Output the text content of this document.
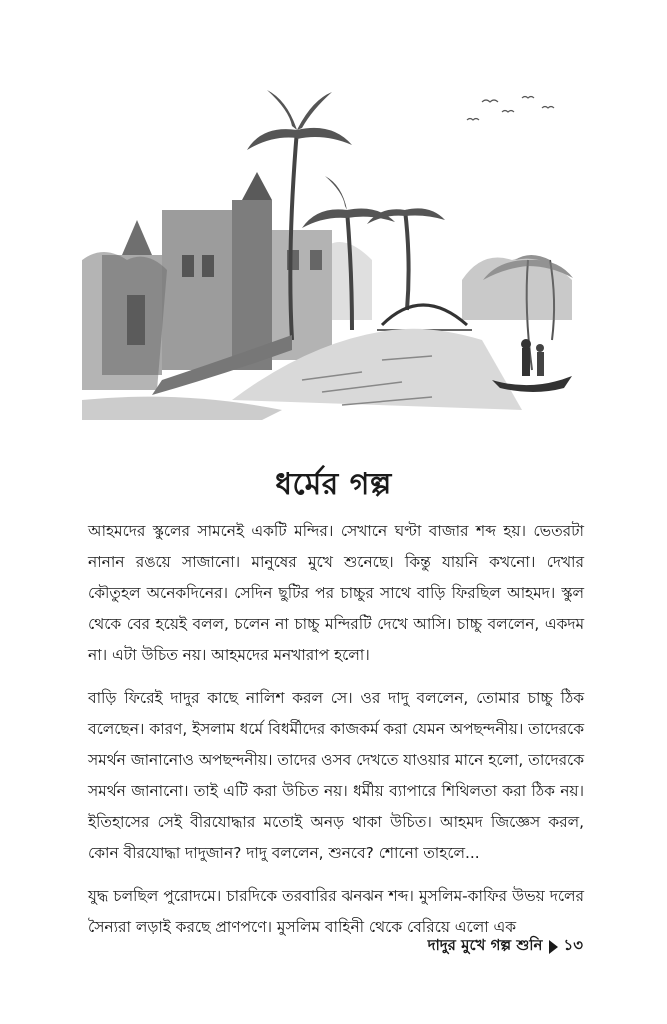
ধর্মের গল্প

আহমদের স্কুলের সামনেই একটি মন্দির। সেখানে ঘণ্টা বাজার শব্দ হয়। ভেতরটা নানান রঙয়ে সাজানো। মানুষের মুখে শুনেছে। কিন্তু যায়নি কখনো। দেখার কৌতুহল অনেকদিনের। সেদিন ছুটির পর চাচ্চুর সাথে বাড়ি ফিরছিল আহমদ। স্কুল থেকে বের হয়েই বলল, চলেন না চাচ্চু মন্দিরটি দেখে আসি। চাচ্চু বললেন, একদম না। এটা উচিত নয়। আহমদের মনখারাপ হলো।

বাড়ি ফিরেই দাদুর কাছে নালিশ করল সে। ওর দাদু বললেন, তোমার চাচ্চু ঠিক বলেছেন। কারণ, ইসলাম ধর্মে বিধর্মীদের কাজকর্ম করা যেমন অপছন্দনীয়। তাদেরকে সমর্থন জানানোও অপছন্দনীয়। তাদের ওসব দেখতে যাওয়ার মানে হলো, তাদেরকে সমর্থন জানানো। তাই এটি করা উচিত নয়। ধর্মীয় ব্যাপারে শিথিলতা করা ঠিক নয়। ইতিহাসের সেই বীরযোদ্ধার মতোই অনড় থাকা উচিত। আহমদ জিজ্ঞেস করল, কোন বীরযোদ্ধা দাদুজান? দাদু বললেন, শুনবে? শোনো তাহলে...

যুদ্ধ চলছিল পুরোদমে। চারদিকে তরবারির ঝনঝন শব্দ। মুসলিম-কাফির উভয় দলের সৈন্যরা লড়াই করছে প্রাণপণে। মুসলিম বাহিনী থেকে বেরিয়ে এলো এক

দাদুর মুখে গল্প শুনি ১৩
